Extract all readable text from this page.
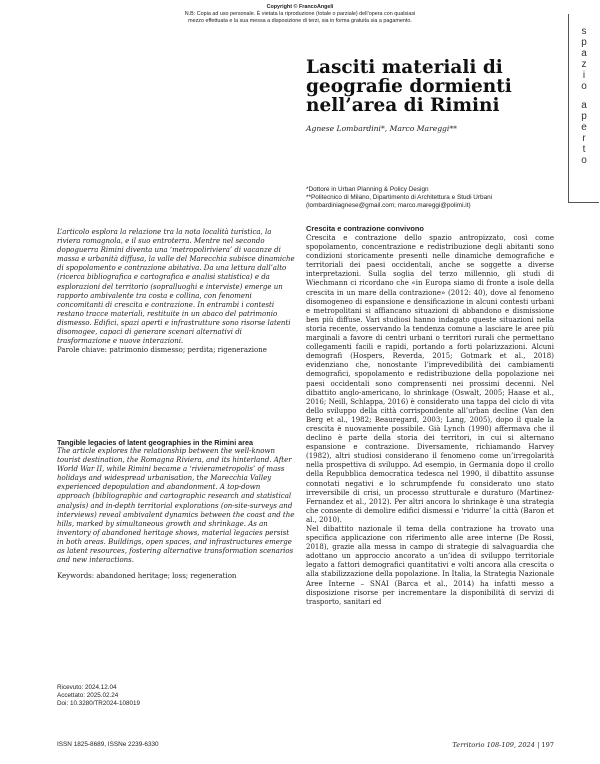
Copyright © FrancoAngeli
N.B: Copia ad uso personale. È vietata la riproduzione (totale o parziale) dell’opera con qualsiasi
mezzo effettuata e la sua messa a disposizione di terzi, sia in forma gratuita sia a pagamento.
s
p
a
z
i
o
a
p
e
r
t
o
Lasciti materiali di geografie dormienti nell’area di Rimini
Agnese Lombardini*, Marco Mareggi**
*Dottore in Urban Planning & Policy Design
**Politecnico di Milano, Dipartimento di Architettura e Studi Urbani
(lombardiniagnese@gmail.com; marco.mareggi@polimi.it)

L’articolo esplora la relazione tra la nota località turistica, la riviera romagnola, e il suo entroterra. Mentre nel secondo dopoguerra Rimini diventa una ‘metropoliriviera’ di vacanze di massa e urbanità diffusa, la valle del Marecchia subisce dinamiche di spopolamento e contrazione abitativa. Da una lettura dall’alto (ricerca bibliografica e cartografica e analisi statistica) e da esplorazioni del territorio (sopralluoghi e interviste) emerge un rapporto ambivalente tra costa e collina, con fenomeni concomitanti di crescita e contrazione. In entrambi i contesti restano tracce materiali, restituite in un abaco del patrimonio dismesso. Edifici, spazi aperti e infrastrutture sono risorse latenti disomogee, capaci di generare scenari alternativi di trasformazione e nuove interazioni.

Parole chiave: patrimonio dismesso; perdita; rigenerazione

Tangible legacies of latent geographies in the Rimini area

The article explores the relationship between the well-known tourist destination, the Romagna Riviera, and its hinterland. After World War II, while Rimini became a ‘rivierametropolis’ of mass holidays and widespread urbanisation, the Marecchia Valley experienced depopulation and abandonment. A top-down approach (bibliographic and cartographic research and statistical analysis) and in-depth territorial explorations (on-site-surveys and interviews) reveal ambivalent dynamics between the coast and the hills, marked by simultaneous growth and shrinkage. As an inventory of abandoned heritage shows, material legacies persist in both areas. Buildings, open spaces, and infrastructures emerge as latent resources, fostering alternative transformation scenarios and new interactions.

Keywords: abandoned heritage; loss; regeneration

Ricevuto: 2024.12.04
Accettato: 2025.02.24
Doi: 10.3280/TR2024-108019
Crescita e contrazione convivono

Crescita e contrazione dello spazio antropizzato, così come spopolamento, concentrazione e redistribuzione degli abitanti sono condizioni storicamente presenti nelle dinamiche demografiche e territoriali dei paesi occidentali, anche se soggette a diverse interpretazioni. Sulla soglia del terzo millennio, gli studi di Wiechmann ci ricordano che «in Europa siamo di fronte a isole della crescita in un mare della contrazione» (2012: 40), dove al fenomeno disomogeneo di espansione e densificazione in alcuni contesti urbani e metropolitani si affiancano situazioni di abbandono e dismissione ben più diffuse. Vari studiosi hanno indagato queste situazioni nella storia recente, osservando la tendenza comune a lasciare le aree più marginali a favore di centri urbani o territori rurali che permettano collegamenti facili e rapidi, portando a forti polarizzazioni. Alcuni demografi (Hospers, Reverda, 2015; Gotmark et al., 2018) evidenziano che, nonostante l’imprevedibilità dei cambiamenti demografici, spopolamento e redistribuzione della popolazione nei paesi occidentali sono comprensenti nei prossimi decenni. Nel dibattito anglo-americano, lo shrinkage (Oswalt, 2005; Haase et al., 2016; Neill, Schlappa, 2016) è considerato una tappa del ciclo di vita dello sviluppo della città corrispondente all’urban decline (Van den Berg et al., 1982; Beauregard, 2003; Lang, 2005), dopo il quale la crescita è nuovamente possibile. Già Lynch (1990) affermava che il declino è parte della storia dei territori, in cui si alternano espansione e contrazione. Diversamente, richiamando Harvey (1982), altri studiosi considerano il fenomeno come un’irregolarità nella prospettiva di sviluppo. Ad esempio, in Germania dopo il crollo della Repubblica democratica tedesca nel 1990, il dibattito assunse connotati negativi e lo schrumpfende fu considerato uno stato irreversibile di crisi, un processo strutturale e duraturo (Martinez-Fernandez et al., 2012). Per altri ancora lo shrinkage è una strategia che consente di demolire edifici dismessi e ‘ridurre’ la città (Baron et al., 2010).

Nel dibattito nazionale il tema della contrazione ha trovato una specifica applicazione con riferimento alle aree interne (De Rossi, 2018), grazie alla messa in campo di strategie di salvaguardia che adottano un approccio ancorato a un’idea di sviluppo territoriale legato a fattori demografici quantitativi e volti ancora alla crescita o alla stabilizzazione della popolazione. In Italia, la Strategia Nazionale Aree Interne – SNAI (Barca et al., 2014) ha infatti messo a disposizione risorse per incrementare la disponibilità di servizi di trasporto, sanitari ed

ISSN 1825-8689, ISSNe 2239-6330	Territorio 108-109, 2024 | 197
